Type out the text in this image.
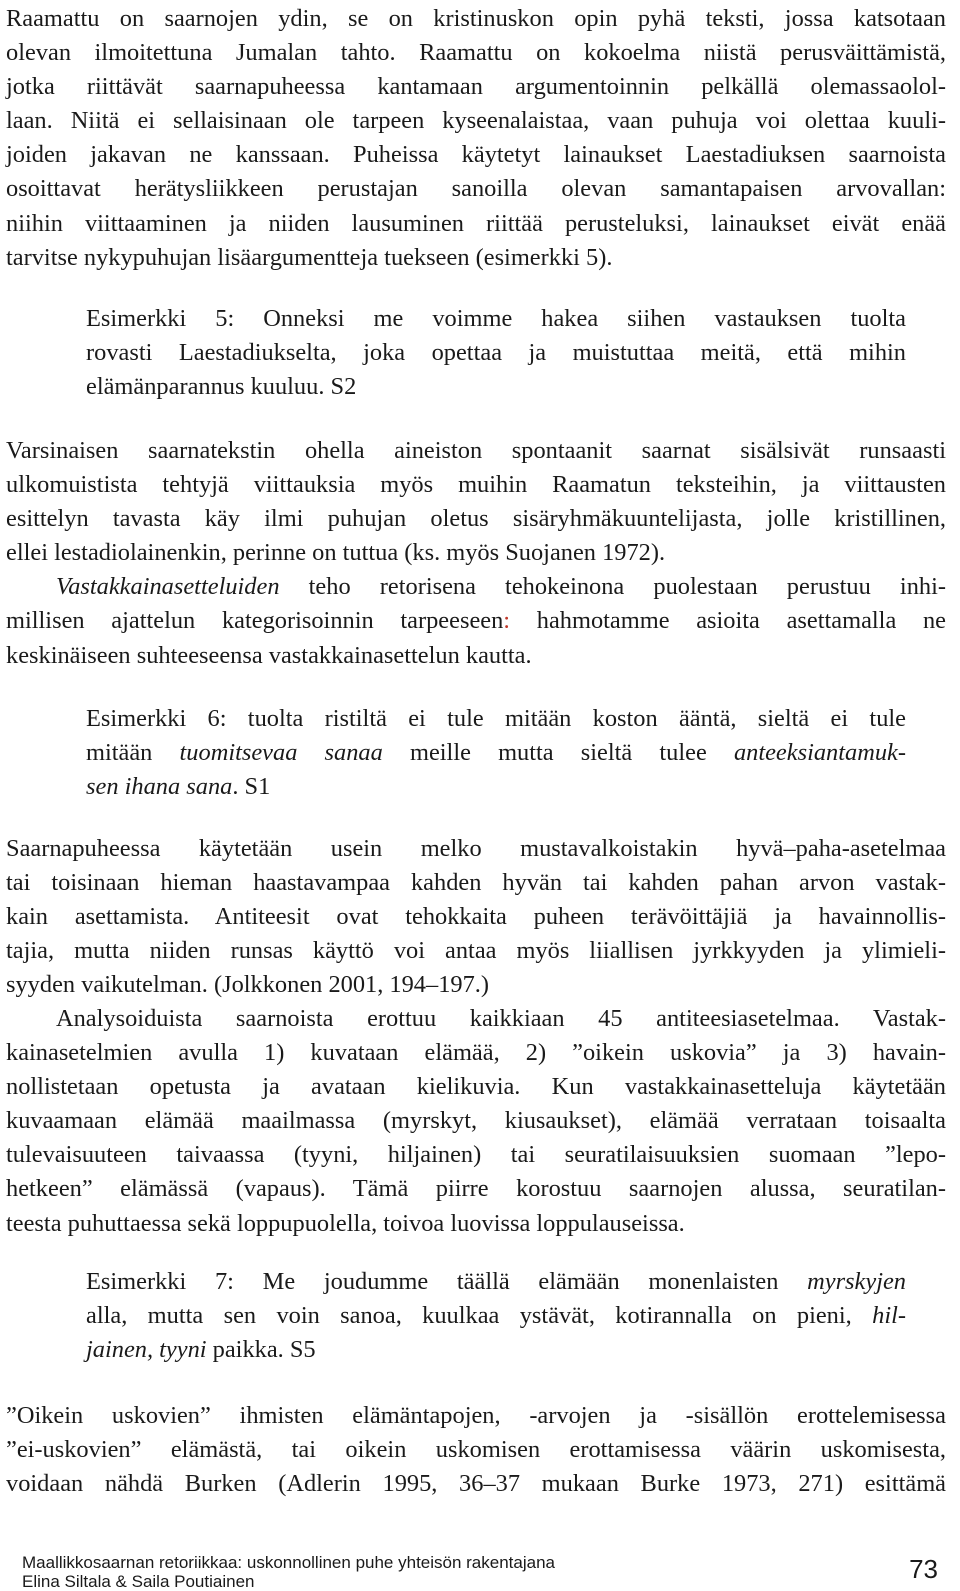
Raamattu on saarnojen ydin, se on kristinuskon opin pyhä teksti, jossa katsotaan
olevan ilmoitettuna Jumalan tahto. Raamattu on kokoelma niistä perusväittämistä,
jotka riittävät saarnapuheessa kantamaan argumentoinnin pelkällä olemassaolol-
laan. Niitä ei sellaisinaan ole tarpeen kyseenalaistaa, vaan puhuja voi olettaa kuuli-
joiden jakavan ne kanssaan. Puheissa käytetyt lainaukset Laestadiuksen saarnoista
osoittavat herätysliikkeen perustajan sanoilla olevan samantapaisen arvovallan:
niihin viittaaminen ja niiden lausuminen riittää perusteluksi, lainaukset eivät enää
tarvitse nykypuhujan lisäargumentteja tuekseen (esimerkki 5).

Esimerkki 5: Onneksi me voimme hakea siihen vastauksen tuolta
rovasti Laestadiukselta, joka opettaa ja muistuttaa meitä, että mihin
elämänparannus kuuluu. S2

Varsinaisen saarnatekstin ohella aineiston spontaanit saarnat sisälsivät runsaasti
ulkomuistista tehtyjä viittauksia myös muihin Raamatun teksteihin, ja viittausten
esittelyn tavasta käy ilmi puhujan oletus sisäryhmäkuuntelijasta, jolle kristillinen,
ellei lestadiolainenkin, perinne on tuttua (ks. myös Suojanen 1972).
Vastakkainasetteluiden teho retorisena tehokeinona puolestaan perustuu inhi-
millisen ajattelun kategorisoinnin tarpeeseen: hahmotamme asioita asettamalla ne
keskinäiseen suhteeseensa vastakkainasettelun kautta.

Esimerkki 6: tuolta ristiltä ei tule mitään koston ääntä, sieltä ei tule
mitään tuomitsevaa sanaa meille mutta sieltä tulee anteeksiantamuk-
sen ihana sana. S1

Saarnapuheessa käytetään usein melko mustavalkoistakin hyvä–paha-asetelmaa
tai toisinaan hieman haastavampaa kahden hyvän tai kahden pahan arvon vastak-
kain asettamista. Antiteesit ovat tehokkaita puheen terävöittäjiä ja havainnollis-
tajia, mutta niiden runsas käyttö voi antaa myös liiallisen jyrkkyyden ja ylimieli-
syyden vaikutelman. (Jolkkonen 2001, 194–197.)

Analysoiduista saarnoista erottuu kaikkiaan 45 antiteesiasetelmaa. Vastak-
kainasetelmien avulla 1) kuvataan elämää, 2) ”oikein uskovia” ja 3) havain-
nollistetaan opetusta ja avataan kielikuvia. Kun vastakkainasetteluja käytetään
kuvaamaan elämää maailmassa (myrskyt, kiusaukset), elämää verrataan toisaalta
tulevaisuuteen taivaassa (tyyni, hiljainen) tai seuratilaisuuksien suomaan ”lepo-
hetkeen” elämässä (vapaus). Tämä piirre korostuu saarnojen alussa, seuratilan-
teesta puhuttaessa sekä loppupuolella, toivoa luovissa loppulauseissa.

Esimerkki 7: Me joudumme täällä elämään monenlaisten myrskyjen
alla, mutta sen voin sanoa, kuulkaa ystävät, kotirannalla on pieni, hil-
jainen, tyyni paikka. S5

”Oikein uskovien” ihmisten elämäntapojen, -arvojen ja -sisällön erottelemisessa
”ei-uskovien” elämästä, tai oikein uskomisen erottamisessa väärin uskomisesta,
voidaan nähdä Burken (Adlerin 1995, 36–37 mukaan Burke 1973, 271) esittämä

Maallikkosaarnan retoriikkaa: uskonnollinen puhe yhteisön rakentajana
Elina Siltala & Saila Poutiainen	73
